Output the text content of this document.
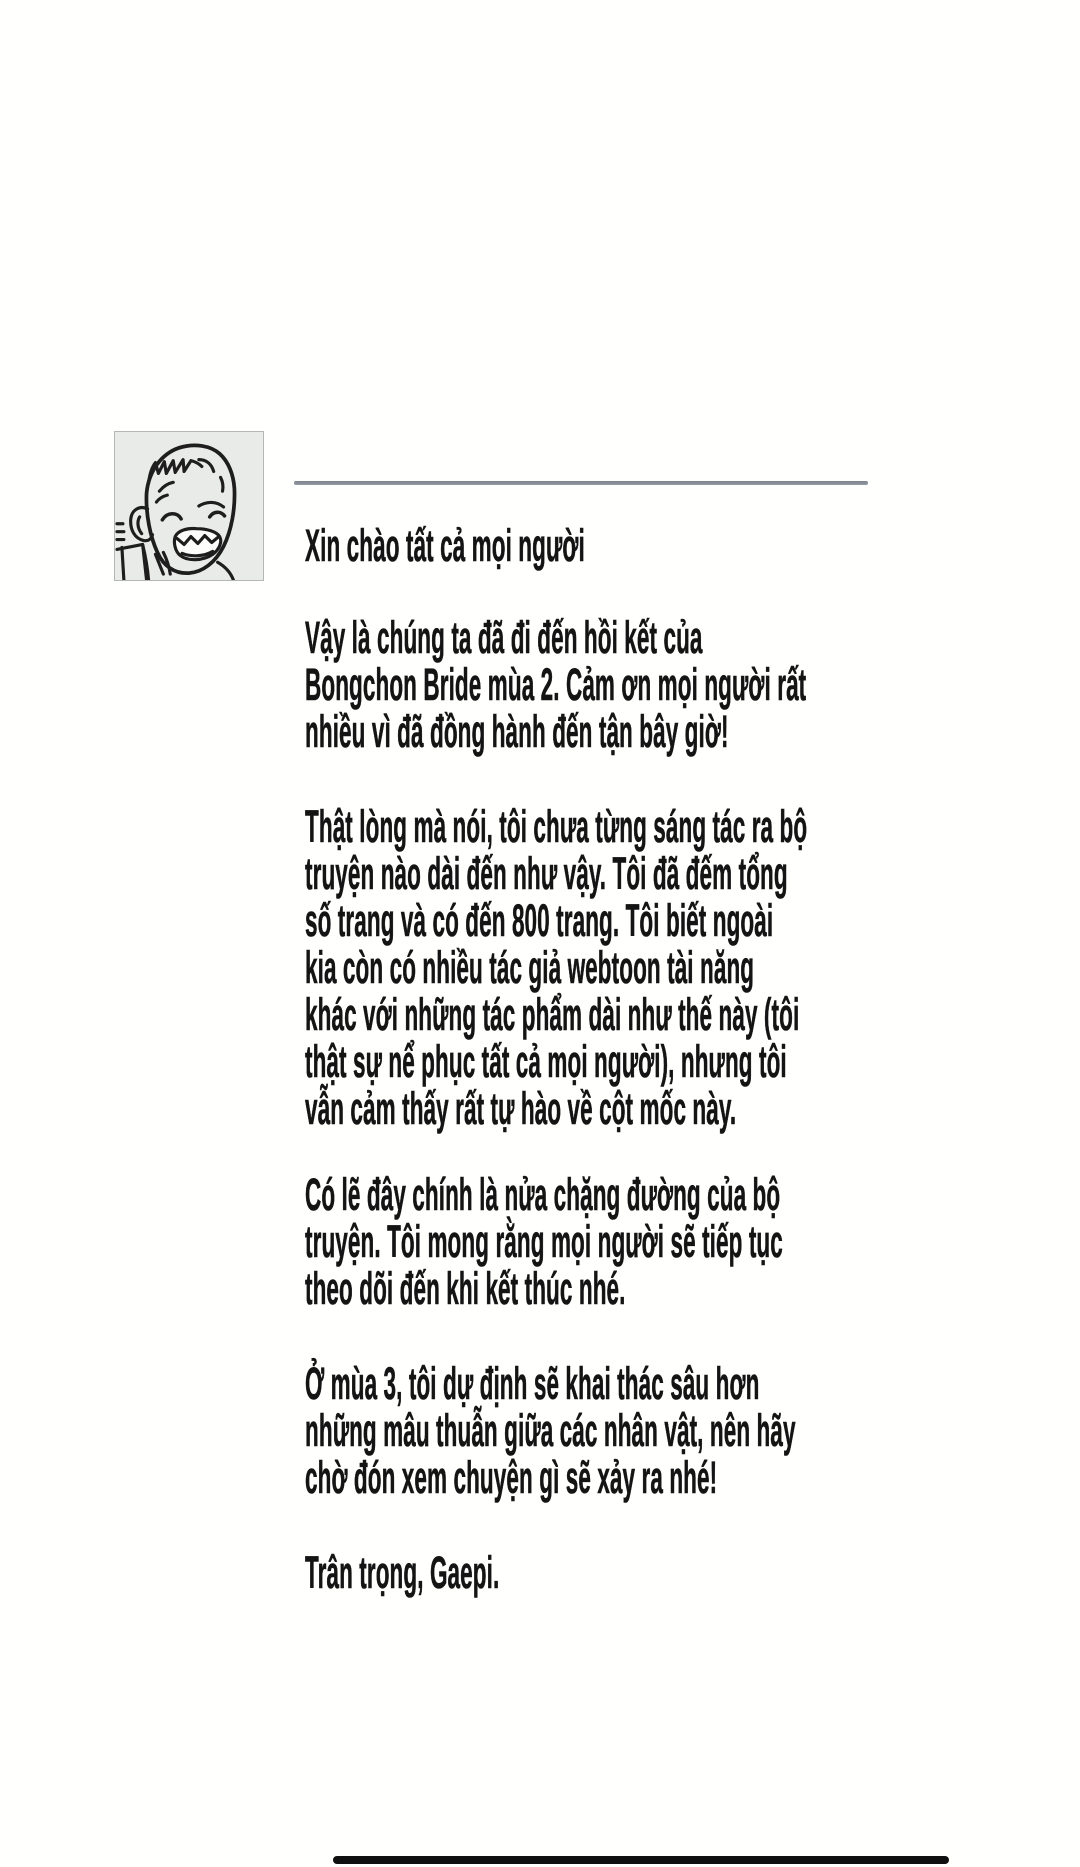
Xin chào tất cả mọi người
Vậy là chúng ta đã đi đến hồi kết của
Bongchon Bride mùa 2. Cảm ơn mọi người rất
nhiều vì đã đồng hành đến tận bây giờ!
Thật lòng mà nói, tôi chưa từng sáng tác ra bộ
truyện nào dài đến như vậy. Tôi đã đếm tổng
số trang và có đến 800 trang. Tôi biết ngoài
kia còn có nhiều tác giả webtoon tài năng
khác với những tác phẩm dài như thế này (tôi
thật sự nể phục tất cả mọi người), nhưng tôi
vẫn cảm thấy rất tự hào về cột mốc này.
Có lẽ đây chính là nửa chặng đường của bộ
truyện. Tôi mong rằng mọi người sẽ tiếp tục
theo dõi đến khi kết thúc nhé.
Ở mùa 3, tôi dự định sẽ khai thác sâu hơn
những mâu thuẫn giữa các nhân vật, nên hãy
chờ đón xem chuyện gì sẽ xảy ra nhé!
Trân trọng, Gaepi.
